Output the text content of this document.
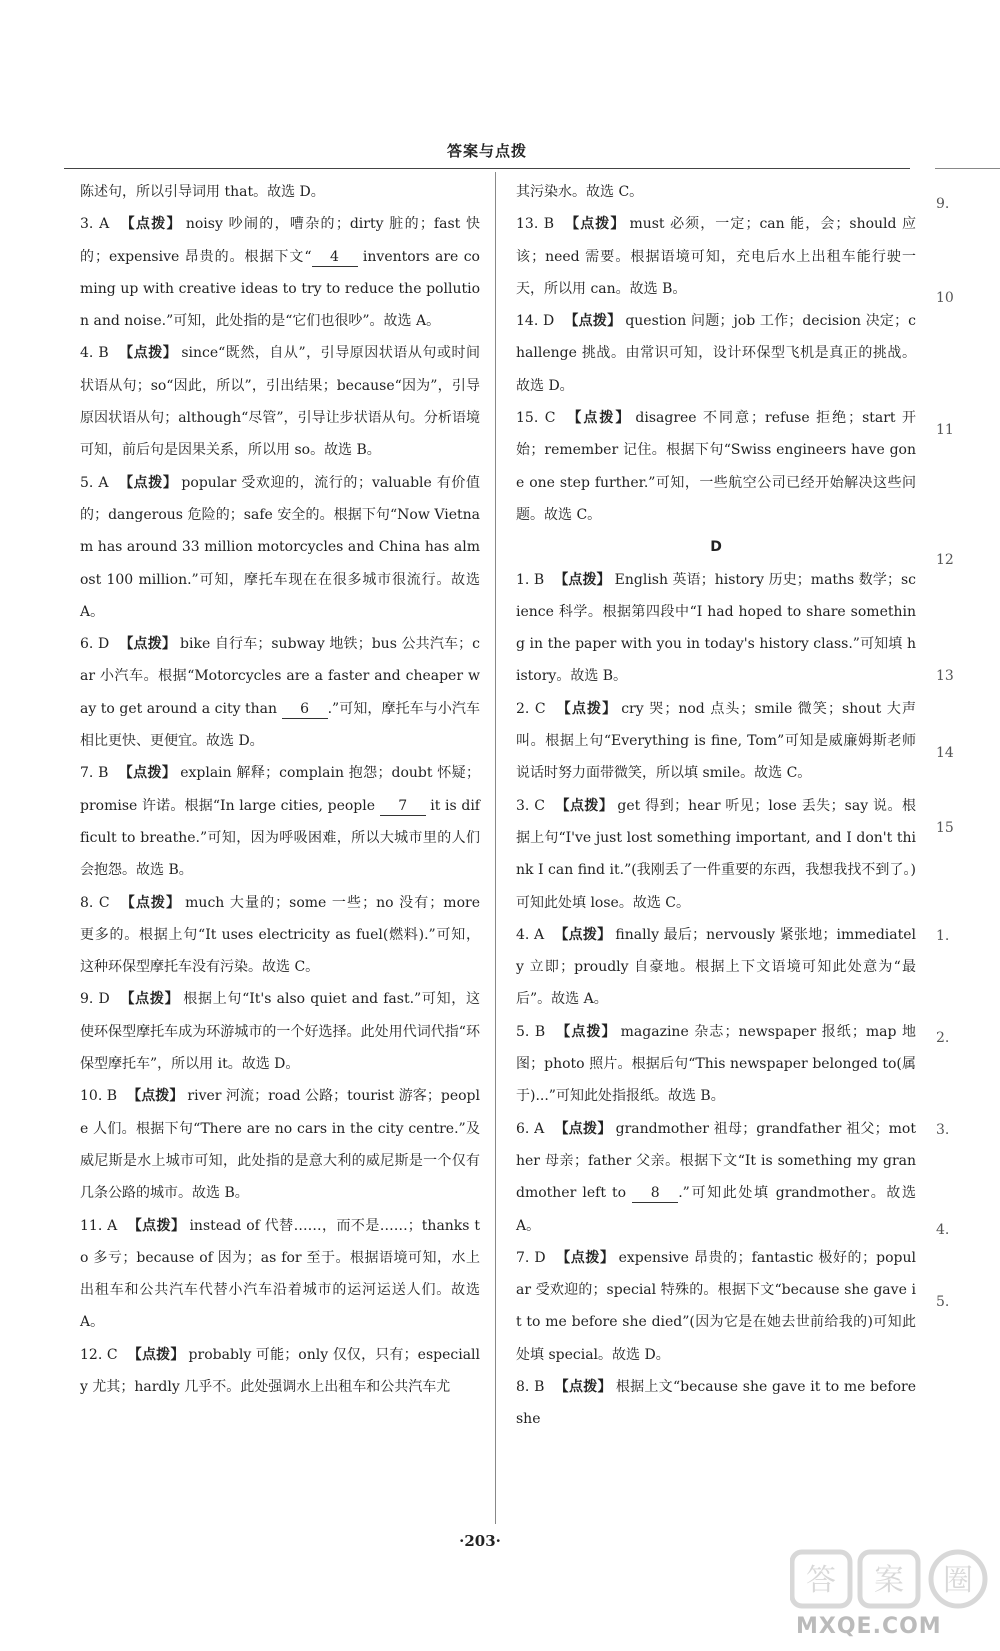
答案与点拨

陈述句，所以引导词用 that。故选 D。

3. A 【点拨】 noisy 吵闹的，嘈杂的；dirty 脏的；fast 快的；expensive 昂贵的。根据下文“ 4 inventors are coming up with creative ideas to try to reduce the pollution and noise.”可知，此处指的是“它们也很吵”。故选 A。

4. B 【点拨】 since“既然，自从”，引导原因状语从句或时间状语从句；so“因此，所以”，引出结果；because“因为”，引导原因状语从句；although“尽管”，引导让步状语从句。分析语境可知，前后句是因果关系，所以用 so。故选 B。

5. A 【点拨】 popular 受欢迎的，流行的；valuable 有价值的；dangerous 危险的；safe 安全的。根据下句“Now Vietnam has around 33 million motorcycles and China has almost 100 million.”可知，摩托车现在在很多城市很流行。故选 A。

6. D 【点拨】 bike 自行车；subway 地铁；bus 公共汽车；car 小汽车。根据“Motorcycles are a faster and cheaper way to get around a city than 6 .”可知，摩托车与小汽车相比更快、更便宜。故选 D。

7. B 【点拨】 explain 解释；complain 抱怨；doubt 怀疑；promise 许诺。根据“In large cities, people 7 it is difficult to breathe.”可知，因为呼吸困难，所以大城市里的人们会抱怨。故选 B。

8. C 【点拨】 much 大量的；some 一些；no 没有；more 更多的。根据上句“It uses electricity as fuel(燃料).”可知，这种环保型摩托车没有污染。故选 C。

9. D 【点拨】 根据上句“It's also quiet and fast.”可知，这使环保型摩托车成为环游城市的一个好选择。此处用代词代指“环保型摩托车”，所以用 it。故选 D。

10. B 【点拨】 river 河流；road 公路；tourist 游客；people 人们。根据下句“There are no cars in the city centre.”及威尼斯是水上城市可知，此处指的是意大利的威尼斯是一个仅有几条公路的城市。故选 B。

11. A 【点拨】 instead of 代替……，而不是……；thanks to 多亏；because of 因为；as for 至于。根据语境可知，水上出租车和公共汽车代替小汽车沿着城市的运河运送人们。故选 A。

12. C 【点拨】 probably 可能；only 仅仅，只有；especially 尤其；hardly 几乎不。此处强调水上出租车和公共汽车尤

其污染水。故选 C。

13. B 【点拨】 must 必须，一定；can 能，会；should 应该；need 需要。根据语境可知，充电后水上出租车能行驶一天，所以用 can。故选 B。

14. D 【点拨】 question 问题；job 工作；decision 决定；challenge 挑战。由常识可知，设计环保型飞机是真正的挑战。故选 D。

15. C 【点拨】 disagree 不同意；refuse 拒绝；start 开始；remember 记住。根据下句“Swiss engineers have gone one step further.”可知，一些航空公司已经开始解决这些问题。故选 C。

D

1. B 【点拨】 English 英语；history 历史；maths 数学；science 科学。根据第四段中“I had hoped to share something in the paper with you in today's history class.”可知填 history。故选 B。

2. C 【点拨】 cry 哭；nod 点头；smile 微笑；shout 大声叫。根据上句“Everything is fine, Tom”可知是威廉姆斯老师说话时努力面带微笑，所以填 smile。故选 C。

3. C 【点拨】 get 得到；hear 听见；lose 丢失；say 说。根据上句“I've just lost something important, and I don't think I can find it.”(我刚丢了一件重要的东西，我想我找不到了。)可知此处填 lose。故选 C。

4. A 【点拨】 finally 最后；nervously 紧张地；immediately 立即；proudly 自豪地。根据上下文语境可知此处意为“最后”。故选 A。

5. B 【点拨】 magazine 杂志；newspaper 报纸；map 地图；photo 照片。根据后句“This newspaper belonged to(属于)...”可知此处指报纸。故选 B。

6. A 【点拨】 grandmother 祖母；grandfather 祖父；mother 母亲；father 父亲。根据下文“It is something my grandmother left to 8 .”可知此处填 grandmother。故选 A。

7. D 【点拨】 expensive 昂贵的；fantastic 极好的；popular 受欢迎的；special 特殊的。根据下文“because she gave it to me before she died”(因为它是在她去世前给我的)可知此处填 special。故选 D。

8. B 【点拨】 根据上文“because she gave it to me before she

9.
10
11
12
13
14
15
1.
2.
3.
4.
5.
·203·
答 案 圈
MXQE.COM
